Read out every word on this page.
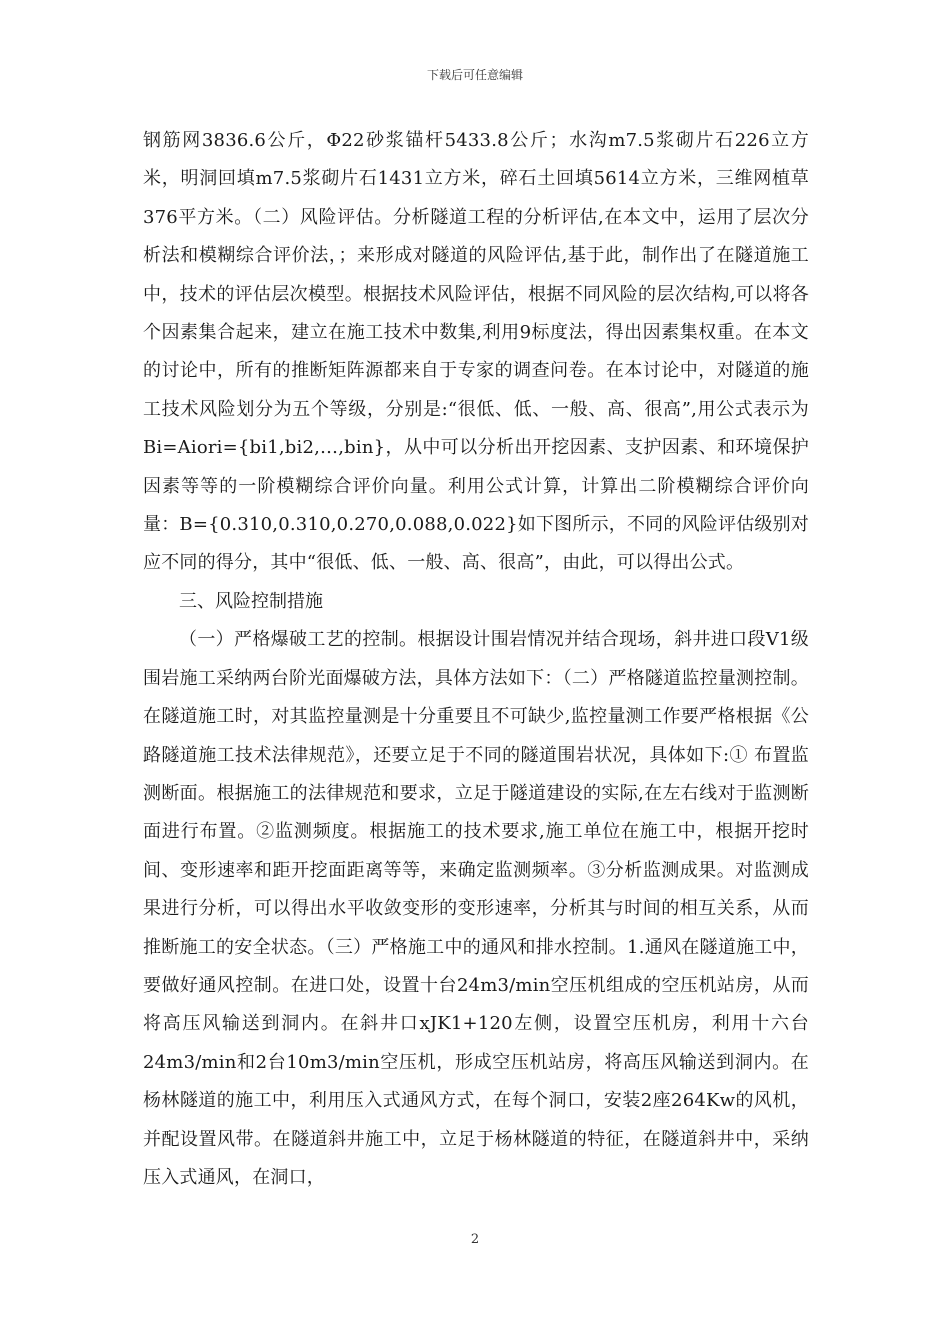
下载后可任意编辑

钢筋网3836.6公斤，Φ22砂浆锚杆5433.8公斤；水沟m7.5浆砌片石226立方米，明洞回填m7.5浆砌片石1431立方米，碎石土回填5614立方米，三维网植草376平方米。（二）风险评估。分析隧道工程的分析评估,在本文中，运用了层次分析法和模糊综合评价法，；来形成对隧道的风险评估,基于此，制作出了在隧道施工中，技术的评估层次模型。根据技术风险评估，根据不同风险的层次结构,可以将各个因素集合起来，建立在施工技术中数集,利用9标度法，得出因素集权重。在本文的讨论中，所有的推断矩阵源都来自于专家的调查问卷。在本讨论中，对隧道的施工技术风险划分为五个等级，分别是:“很低、低、一般、高、很高”,用公式表示为Bi=Aiori={bi1,bi2,…,bin}，从中可以分析出开挖因素、支护因素、和环境保护因素等等的一阶模糊综合评价向量。利用公式计算，计算出二阶模糊综合评价向量：B={0.310,0.310,0.270,0.088,0.022}如下图所示，不同的风险评估级别对应不同的得分，其中“很低、低、一般、高、很高”，由此，可以得出公式。

三、风险控制措施

（一）严格爆破工艺的控制。根据设计围岩情况并结合现场，斜井进口段V1级围岩施工采纳两台阶光面爆破方法，具体方法如下：（二）严格隧道监控量测控制。在隧道施工时，对其监控量测是十分重要且不可缺少,监控量测工作要严格根据《公路隧道施工技术法律规范》，还要立足于不同的隧道围岩状况，具体如下:① 布置监测断面。根据施工的法律规范和要求，立足于隧道建设的实际,在左右线对于监测断面进行布置。②监测频度。根据施工的技术要求,施工单位在施工中，根据开挖时间、变形速率和距开挖面距离等等，来确定监测频率。③分析监测成果。对监测成果进行分析，可以得出水平收敛变形的变形速率，分析其与时间的相互关系，从而推断施工的安全状态。（三）严格施工中的通风和排水控制。1.通风在隧道施工中，要做好通风控制。在进口处，设置十台24m3/min空压机组成的空压机站房，从而将高压风输送到洞内。在斜井口xJK1+120左侧，设置空压机房，利用十六台24m3/min和2台10m3/min空压机，形成空压机站房，将高压风输送到洞内。在杨林隧道的施工中，利用压入式通风方式，在每个洞口，安装2座264Kw的风机，并配设置风带。在隧道斜井施工中，立足于杨林隧道的特征，在隧道斜井中，采纳压入式通风，在洞口，

2
